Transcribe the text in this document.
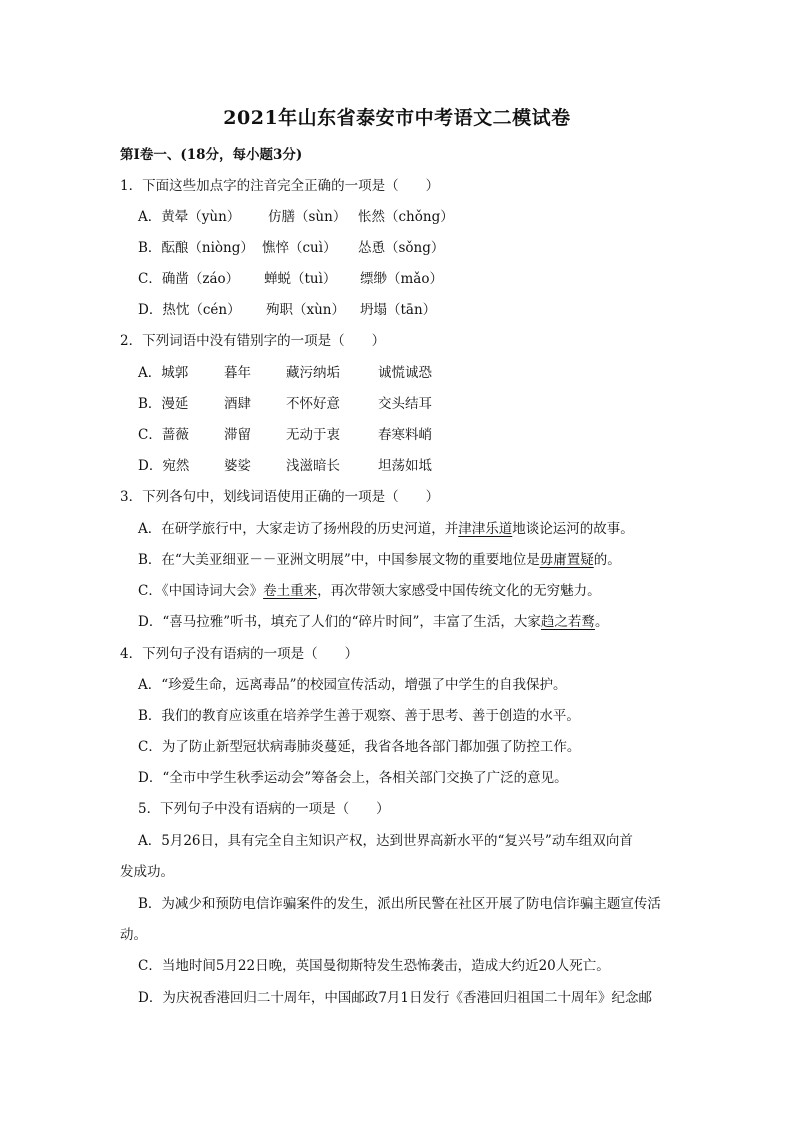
2021年山东省泰安市中考语文二模试卷
第Ⅰ卷一、(18分，每小题3分)
1．下面这些加点字的注音完全正确的一项是（　　）
A．黄晕（yùn） 仿膳（sùn） 怅然（chǒng）
B．酝酿（niòng） 憔悴（cuì） 怂恿（sǒng）
C．确凿（záo） 蝉蜕（tuì） 缥缈（mǎo）
D．热忱（cén） 殉职（xùn） 坍塌（tān）
2．下列词语中没有错别字的一项是（　　）
A．城郭	暮年	藏污纳垢	诚慌诚恐
B．漫延	酒肆	不怀好意	交头结耳
C．蔷薇	滞留	无动于衷	春寒料峭
D．宛然	婆娑	浅滋暗长	坦荡如坻
3．下列各句中，划线词语使用正确的一项是（　　）
A．在研学旅行中，大家走访了扬州段的历史河道，并津津乐道地谈论运河的故事。
B．在“大美亚细亚－－亚洲文明展”中，中国参展文物的重要地位是毋庸置疑的。
C．《中国诗词大会》卷土重来，再次带领大家感受中国传统文化的无穷魅力。
D．“喜马拉雅”听书，填充了人们的“碎片时间”，丰富了生活，大家趋之若鹜。
4．下列句子没有语病的一项是（　　）
A．“珍爱生命，远离毒品”的校园宣传活动，增强了中学生的自我保护。
B．我们的教育应该重在培养学生善于观察、善于思考、善于创造的水平。
C．为了防止新型冠状病毒肺炎蔓延，我省各地各部门都加强了防控工作。
D．“全市中学生秋季运动会”筹备会上，各相关部门交换了广泛的意见。
5．下列句子中没有语病的一项是（　　）
A．5月26日，具有完全自主知识产权，达到世界高新水平的“复兴号”动车组双向首
发成功。
B．为减少和预防电信诈骗案件的发生，派出所民警在社区开展了防电信诈骗主题宣传活
动。
C．当地时间5月22日晚，英国曼彻斯特发生恐怖袭击，造成大约近20人死亡。
D．为庆祝香港回归二十周年，中国邮政7月1日发行《香港回归祖国二十周年》纪念邮
